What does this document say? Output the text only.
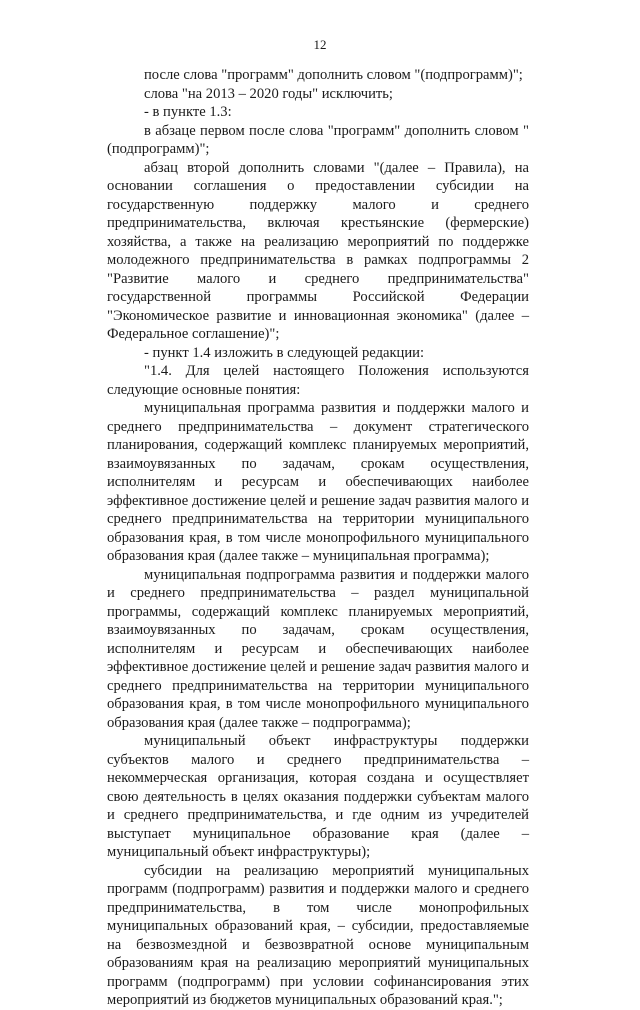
12

после слова "программ" дополнить словом "(подпрограмм)";

слова "на 2013 – 2020 годы" исключить;

- в пункте 1.3:

в абзаце первом после слова "программ" дополнить словом "(подпрограмм)";

абзац второй дополнить словами "(далее – Правила), на основании соглашения о предоставлении субсидии на государственную поддержку малого и среднего предпринимательства, включая крестьянские (фермерские) хозяйства, а также на реализацию мероприятий по поддержке молодежного предпринимательства в рамках подпрограммы 2 "Развитие малого и среднего предпринимательства" государственной программы Российской Федерации "Экономическое развитие и инновационная экономика" (далее – Федеральное соглашение)";

- пункт 1.4 изложить в следующей редакции:

"1.4. Для целей настоящего Положения используются следующие основные понятия:

муниципальная программа развития и поддержки малого и среднего предпринимательства – документ стратегического планирования, содержащий комплекс планируемых мероприятий, взаимоувязанных по задачам, срокам осуществления, исполнителям и ресурсам и обеспечивающих наиболее эффективное достижение целей и решение задач развития малого и среднего предпринимательства на территории муниципального образования края, в том числе монопрофильного муниципального образования края (далее также – муниципальная программа);

муниципальная подпрограмма развития и поддержки малого и среднего предпринимательства – раздел муниципальной программы, содержащий комплекс планируемых мероприятий, взаимоувязанных по задачам, срокам осуществления, исполнителям и ресурсам и обеспечивающих наиболее эффективное достижение целей и решение задач развития малого и среднего предпринимательства на территории муниципального образования края, в том числе монопрофильного муниципального образования края (далее также – подпрограмма);

муниципальный объект инфраструктуры поддержки субъектов малого и среднего предпринимательства – некоммерческая организация, которая создана и осуществляет свою деятельность в целях оказания поддержки субъектам малого и среднего предпринимательства, и где одним из учредителей выступает муниципальное образование края (далее – муниципальный объект инфраструктуры);

субсидии на реализацию мероприятий муниципальных программ (подпрограмм) развития и поддержки малого и среднего предпринимательства, в том числе монопрофильных муниципальных образований края, – субсидии, предоставляемые на безвозмездной и безвозвратной основе муниципальным образованиям края на реализацию мероприятий муниципальных программ (подпрограмм) при условии софинансирования этих мероприятий из бюджетов муниципальных образований края.";
